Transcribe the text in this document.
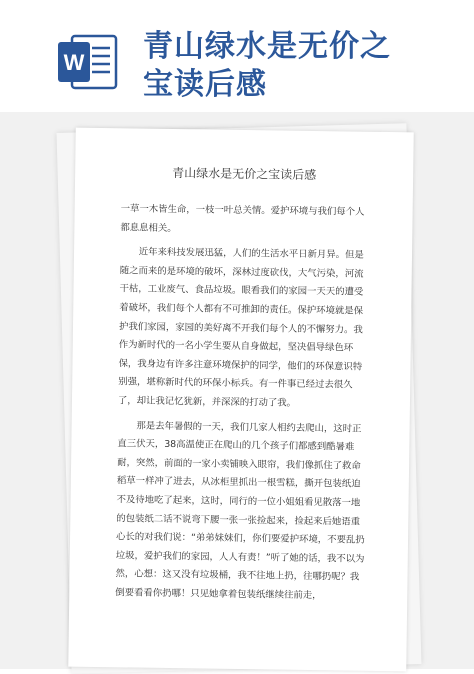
W 青山绿水是无价之
宝读后感
青山绿水是无价之宝读后感

一草一木皆生命，一枝一叶总关情。爱护环境与我们每个人都息息相关。

近年来科技发展迅猛，人们的生活水平日新月异。但是随之而来的是环境的破坏，深林过度砍伐，大气污染，河流干枯，工业废气、食品垃圾。眼看我们的家园一天天的遭受着破坏，我们每个人都有不可推卸的责任。保护环境就是保护我们家园，家园的美好离不开我们每个人的不懈努力。我作为新时代的一名小学生要从自身做起，坚决倡导绿色环保，我身边有许多注意环境保护的同学，他们的环保意识特别强，堪称新时代的环保小标兵。有一件事已经过去很久了，却让我记忆犹新，并深深的打动了我。

那是去年暑假的一天，我们几家人相约去爬山，这时正直三伏天，38高温使正在爬山的几个孩子们都感到酷暑难耐，突然，前面的一家小卖铺映入眼帘，我们像抓住了救命稻草一样冲了进去，从冰柜里抓出一根雪糕，撕开包装纸迫不及待地吃了起来，这时，同行的一位小姐姐看见散落一地的包装纸二话不说弯下腰一张一张捡起来，捡起来后她语重心长的对我们说：“弟弟妹妹们，你们要爱护环境，不要乱扔垃圾，爱护我们的家园，人人有责！”听了她的话，我不以为然，心想：这又没有垃圾桶，我不往地上扔，往哪扔呢？我倒要看看你扔哪！只见她拿着包装纸继续往前走，
